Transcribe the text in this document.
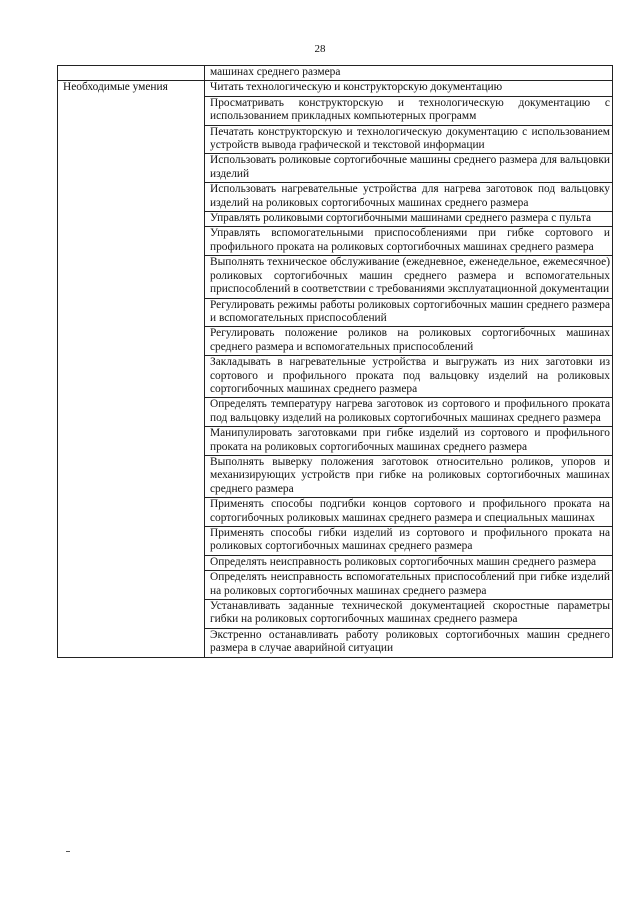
28
	машинах среднего размера
Необходимые умения	Читать технологическую и конструкторскую документацию
	Просматривать конструкторскую и технологическую документацию с использованием прикладных компьютерных программ
	Печатать конструкторскую и технологическую документацию с использованием устройств вывода графической и текстовой информации
	Использовать роликовые сортогибочные машины среднего размера для вальцовки изделий
	Использовать нагревательные устройства для нагрева заготовок под вальцовку изделий на роликовых сортогибочных машинах среднего размера
	Управлять роликовыми сортогибочными машинами среднего размера с пульта
	Управлять вспомогательными приспособлениями при гибке сортового и профильного проката на роликовых сортогибочных машинах среднего размера
	Выполнять техническое обслуживание (ежедневное, еженедельное, ежемесячное) роликовых сортогибочных машин среднего размера и вспомогательных приспособлений в соответствии с требованиями эксплуатационной документации
	Регулировать режимы работы роликовых сортогибочных машин среднего размера и вспомогательных приспособлений
	Регулировать положение роликов на роликовых сортогибочных машинах среднего размера и вспомогательных приспособлений
	Закладывать в нагревательные устройства и выгружать из них заготовки из сортового и профильного проката под вальцовку изделий на роликовых сортогибочных машинах среднего размера
	Определять температуру нагрева заготовок из сортового и профильного проката под вальцовку изделий на роликовых сортогибочных машинах среднего размера
	Манипулировать заготовками при гибке изделий из сортового и профильного проката на роликовых сортогибочных машинах среднего размера
	Выполнять выверку положения заготовок относительно роликов, упоров и механизирующих устройств при гибке на роликовых сортогибочных машинах среднего размера
	Применять способы подгибки концов сортового и профильного проката на сортогибочных роликовых машинах среднего размера и специальных машинах
	Применять способы гибки изделий из сортового и профильного проката на роликовых сортогибочных машинах среднего размера
	Определять неисправность роликовых сортогибочных машин среднего размера
	Определять неисправность вспомогательных приспособлений при гибке изделий на роликовых сортогибочных машинах среднего размера
	Устанавливать заданные технической документацией скоростные параметры гибки на роликовых сортогибочных машинах среднего размера
	Экстренно останавливать работу роликовых сортогибочных машин среднего размера в случае аварийной ситуации
